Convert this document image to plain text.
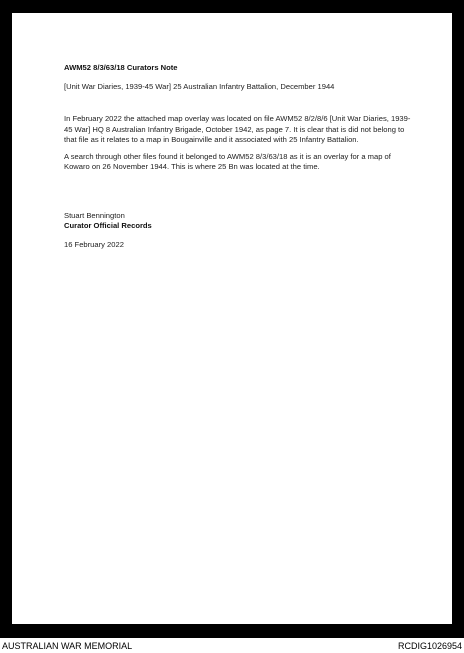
AWM52 8/3/63/18 Curators Note

[Unit War Diaries, 1939-45 War] 25 Australian Infantry Battalion, December 1944

In February 2022 the attached map overlay was located on file AWM52 8/2/8/6 [Unit War Diaries, 1939-45 War] HQ 8 Australian Infantry Brigade, October 1942, as page 7. It is clear that is did not belong to that file as it relates to a map in Bougainville and it associated with 25 Infantry Battalion.

A search through other files found it belonged to AWM52 8/3/63/18 as it is an overlay for a map of Kowaro on 26 November 1944. This is where 25 Bn was located at the time.

Stuart Bennington

Curator Official Records

16 February 2022

AUSTRALIAN WAR MEMORIAL	RCDIG1026954
